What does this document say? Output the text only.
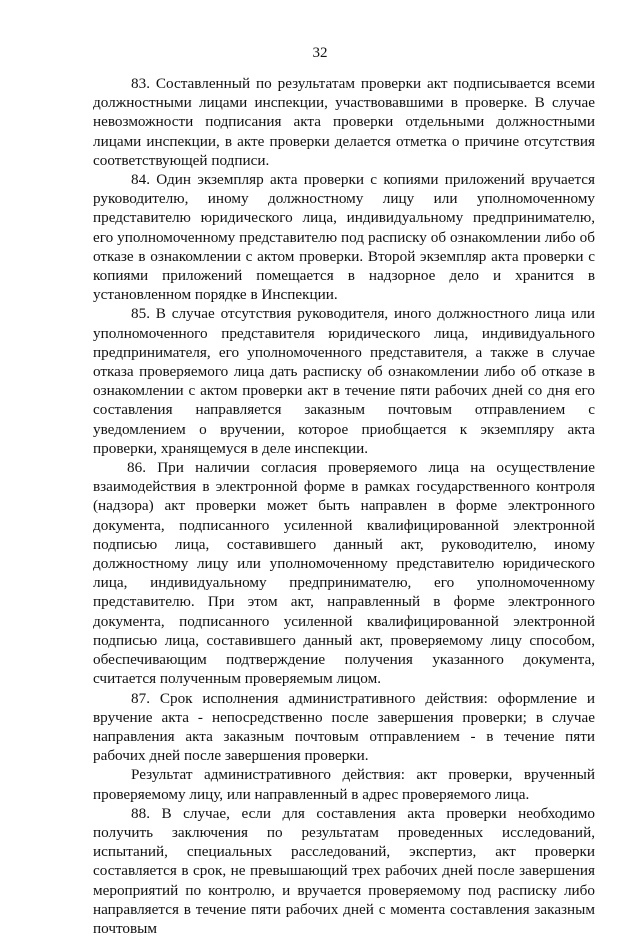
32

83. Составленный по результатам проверки акт подписывается всеми должностными лицами инспекции, участвовавшими в проверке. В случае невозможности подписания акта проверки отдельными должностными лицами инспекции, в акте проверки делается отметка о причине отсутствия соответствующей подписи.

84. Один экземпляр акта проверки с копиями приложений вручается руководителю, иному должностному лицу или уполномоченному представителю юридического лица, индивидуальному предпринимателю, его уполномоченному представителю под расписку об ознакомлении либо об отказе в ознакомлении с актом проверки. Второй экземпляр акта проверки с копиями приложений помещается в надзорное дело и хранится в установленном порядке в Инспекции.

85. В случае отсутствия руководителя, иного должностного лица или уполномоченного представителя юридического лица, индивидуального предпринимателя, его уполномоченного представителя, а также в случае отказа проверяемого лица дать расписку об ознакомлении либо об отказе в ознакомлении с актом проверки акт в течение пяти рабочих дней со дня его составления направляется заказным почтовым отправлением с уведомлением о вручении, которое приобщается к экземпляру акта проверки, хранящемуся в деле инспекции.

86. При наличии согласия проверяемого лица на осуществление взаимодействия в электронной форме в рамках государственного контроля (надзора) акт проверки может быть направлен в форме электронного документа, подписанного усиленной квалифицированной электронной подписью лица, составившего данный акт, руководителю, иному должностному лицу или уполномоченному представителю юридического лица, индивидуальному предпринимателю, его уполномоченному представителю. При этом акт, направленный в форме электронного документа, подписанного усиленной квалифицированной электронной подписью лица, составившего данный акт, проверяемому лицу способом, обеспечивающим подтверждение получения указанного документа, считается полученным проверяемым лицом.

87. Срок исполнения административного действия: оформление и вручение акта - непосредственно после завершения проверки; в случае направления акта заказным почтовым отправлением - в течение пяти рабочих дней после завершения проверки.

Результат административного действия: акт проверки, врученный проверяемому лицу, или направленный в адрес проверяемого лица.

88. В случае, если для составления акта проверки необходимо получить заключения по результатам проведенных исследований, испытаний, специальных расследований, экспертиз, акт проверки составляется в срок, не превышающий трех рабочих дней после завершения мероприятий по контролю, и вручается проверяемому под расписку либо направляется в течение пяти рабочих дней с момента составления заказным почтовым
